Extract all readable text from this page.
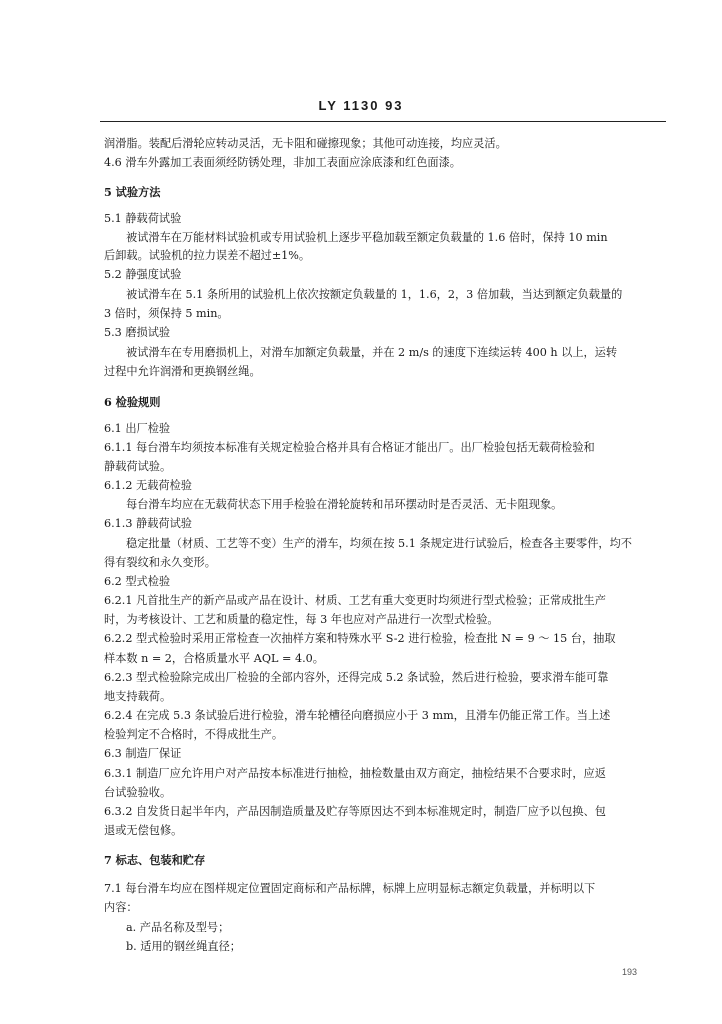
LY 1130 93
润滑脂。装配后滑轮应转动灵活，无卡阻和碰擦现象；其他可动连接，均应灵活。
4.6 滑车外露加工表面须经防锈处理，非加工表面应涂底漆和红色面漆。
5 试验方法
5.1 静载荷试验
被试滑车在万能材料试验机或专用试验机上逐步平稳加载至额定负载量的 1.6 倍时，保持 10 min
后卸载。试验机的拉力误差不超过±1%。
5.2 静强度试验
被试滑车在 5.1 条所用的试验机上依次按额定负载量的 1，1.6，2，3 倍加载，当达到额定负载量的
3 倍时，须保持 5 min。
5.3 磨损试验
被试滑车在专用磨损机上，对滑车加额定负载量，并在 2 m/s 的速度下连续运转 400 h 以上，运转
过程中允许润滑和更换钢丝绳。
6 检验规则
6.1 出厂检验
6.1.1 每台滑车均须按本标准有关规定检验合格并具有合格证才能出厂。出厂检验包括无载荷检验和
静载荷试验。
6.1.2 无载荷检验
每台滑车均应在无载荷状态下用手检验在滑轮旋转和吊环摆动时是否灵活、无卡阻现象。
6.1.3 静载荷试验
稳定批量（材质、工艺等不变）生产的滑车，均须在按 5.1 条规定进行试验后，检查各主要零件，均不
得有裂纹和永久变形。
6.2 型式检验
6.2.1 凡首批生产的新产品或产品在设计、材质、工艺有重大变更时均须进行型式检验；正常成批生产
时，为考核设计、工艺和质量的稳定性，每 3 年也应对产品进行一次型式检验。
6.2.2 型式检验时采用正常检查一次抽样方案和特殊水平 S-2 进行检验，检查批 N = 9 ～ 15 台，抽取
样本数 n = 2，合格质量水平 AQL = 4.0。
6.2.3 型式检验除完成出厂检验的全部内容外，还得完成 5.2 条试验，然后进行检验，要求滑车能可靠
地支持载荷。
6.2.4 在完成 5.3 条试验后进行检验，滑车轮槽径向磨损应小于 3 mm，且滑车仍能正常工作。当上述
检验判定不合格时，不得成批生产。
6.3 制造厂保证
6.3.1 制造厂应允许用户对产品按本标准进行抽检，抽检数量由双方商定，抽检结果不合要求时，应返
台试验验收。
6.3.2 自发货日起半年内，产品因制造质量及贮存等原因达不到本标准规定时，制造厂应予以包换、包
退或无偿包修。
7 标志、包装和贮存
7.1 每台滑车均应在图样规定位置固定商标和产品标牌，标牌上应明显标志额定负载量，并标明以下
内容：
a. 产品名称及型号；
b. 适用的钢丝绳直径；
193
